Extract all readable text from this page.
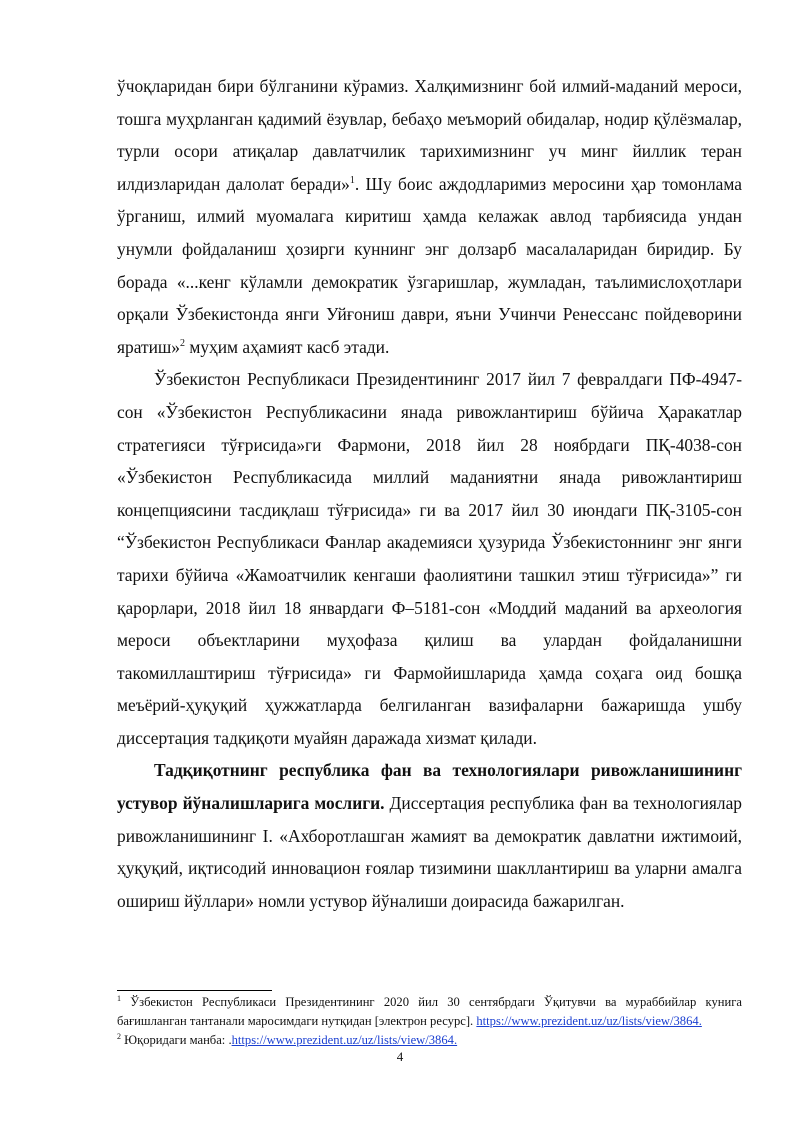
ўчоқларидан бири бўлганини кўрамиз. Халқимизнинг бой илмий-маданий мероси, тошга муҳрланган қадимий ёзувлар, бебаҳо меъморий обидалар, нодир қўлёзмалар, турли осори атиқалар давлатчилик тарихимизнинг уч минг йиллик теран илдизларидан далолат беради»$^1$. Шу боис аждодларимиз меросини ҳар томонлама ўрганиш, илмий муомалага киритиш ҳамда келажак авлод тарбиясида ундан унумли фойдаланиш ҳозирги куннинг энг долзарб масалаларидан биридир. Бу борада «...кенг кўламли демократик ўзгаришлар, жумладан, таълимислоҳотлари орқали Ўзбекистонда янги Уйғониш даври, яъни Учинчи Ренессанс пойдеворини яратиш»$^2$ муҳим аҳамият касб этади.

Ўзбекистон Республикаси Президентининг 2017 йил 7 февралдаги ПФ-4947-сон «Ўзбекистон Республикасини янада ривожлантириш бўйича Ҳаракатлар стратегияси тўғрисида»ги Фармони, 2018 йил 28 ноябрдаги ПҚ-4038-сон «Ўзбекистон Республикасида миллий маданиятни янада ривожлантириш концепциясини тасдиқлаш тўғрисида» ги ва 2017 йил 30 июндаги ПҚ-3105-сон “Ўзбекистон Республикаси Фанлар академияси ҳузурида Ўзбекистоннинг энг янги тарихи бўйича «Жамоатчилик кенгаши фаолиятини ташкил этиш тўғрисида»” ги қарорлари, 2018 йил 18 январдаги Ф–5181-сон «Моддий маданий ва археология мероси объектларини муҳофаза қилиш ва улардан фойдаланишни такомиллаштириш тўғрисида» ги Фармойишларида ҳамда соҳага оид бошқа меъёрий-ҳуқуқий ҳужжатларда белгиланган вазифаларни бажаришда ушбу диссертация тадқиқоти муайян даражада хизмат қилади.

Тадқиқотнинг республика фан ва технологиялари ривожланишининг устувор йўналишларига мослиги. Диссертация республика фан ва технологиялар ривожланишининг I. «Ахборотлашган жамият ва демократик давлатни ижтимоий, ҳуқуқий, иқтисодий инновацион ғоялар тизимини шакллантириш ва уларни амалга ошириш йўллари» номли устувор йўналиши доирасида бажарилган.

$^1$ Ўзбекистон Республикаси Президентининг 2020 йил 30 сентябрдаги Ўқитувчи ва мураббийлар кунига бағишланган тантанали маросимдаги нутқидан [электрон ресурс]. https://www.prezident.uz/uz/lists/view/3864.

$^2$ Юқоридаги манба: .https://www.prezident.uz/uz/lists/view/3864.

4
